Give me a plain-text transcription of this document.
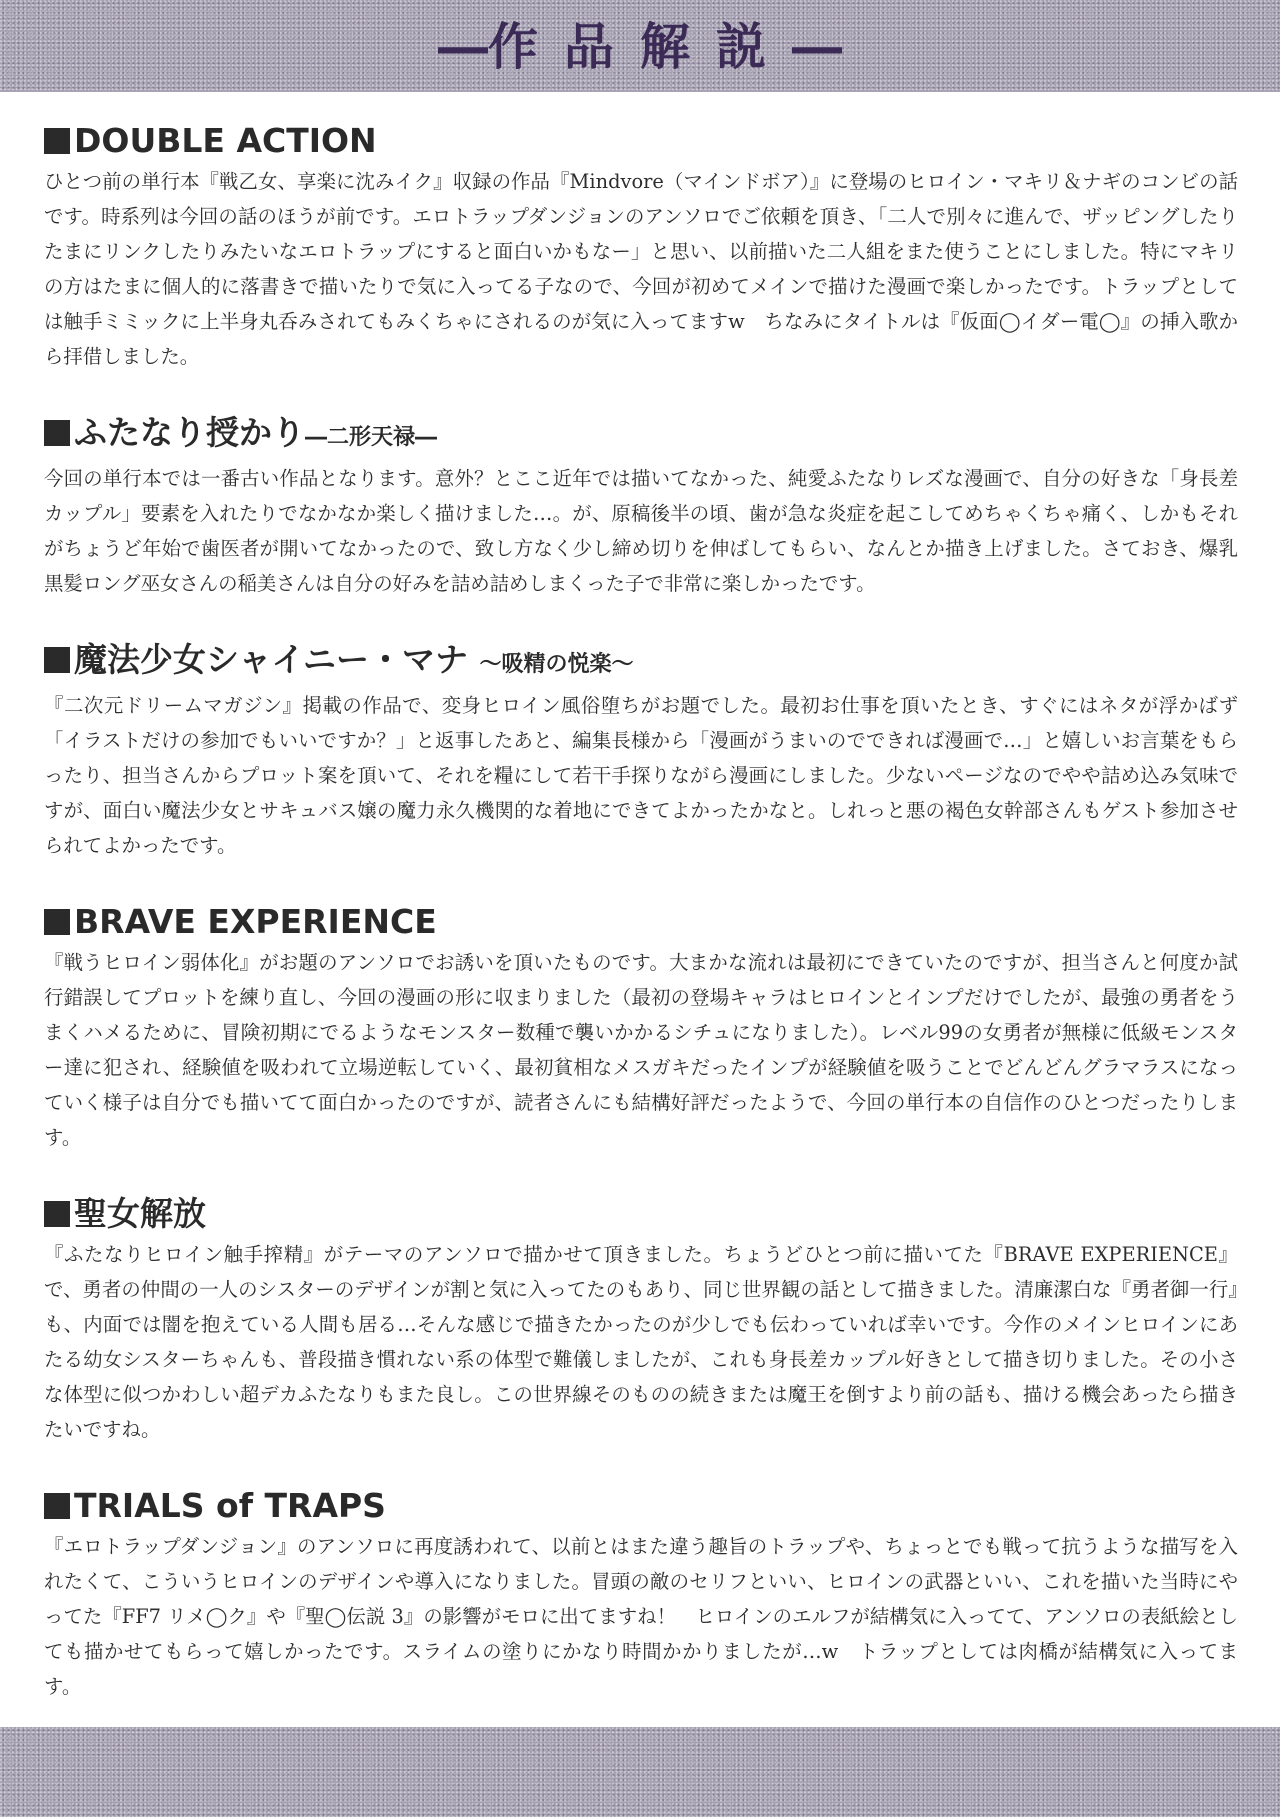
―作品解説―
DOUBLE ACTION

ひとつ前の単行本『戦乙女、享楽に沈みイク』収録の作品『Mindvore（マインドボア）』に登場のヒロイン・マキリ＆ナギのコンビの話です。時系列は今回の話のほうが前です。エロトラップダンジョンのアンソロでご依頼を頂き、「二人で別々に進んで、ザッピングしたりたまにリンクしたりみたいなエロトラップにすると面白いかもなー」と思い、以前描いた二人組をまた使うことにしました。特にマキリの方はたまに個人的に落書きで描いたりで気に入ってる子なので、今回が初めてメインで描けた漫画で楽しかったです。トラップとしては触手ミミックに上半身丸呑みされてもみくちゃにされるのが気に入ってますw　ちなみにタイトルは『仮面◯イダー電◯』の挿入歌から拝借しました。

ふたなり授かり―二形天禄―

今回の単行本では一番古い作品となります。意外？とここ近年では描いてなかった、純愛ふたなりレズな漫画で、自分の好きな「身長差カップル」要素を入れたりでなかなか楽しく描けました…。が、原稿後半の頃、歯が急な炎症を起こしてめちゃくちゃ痛く、しかもそれがちょうど年始で歯医者が開いてなかったので、致し方なく少し締め切りを伸ばしてもらい、なんとか描き上げました。さておき、爆乳黒髪ロング巫女さんの稲美さんは自分の好みを詰め詰めしまくった子で非常に楽しかったです。

魔法少女シャイニー・マナ ～吸精の悦楽～

『二次元ドリームマガジン』掲載の作品で、変身ヒロイン風俗堕ちがお題でした。最初お仕事を頂いたとき、すぐにはネタが浮かばず「イラストだけの参加でもいいですか？」と返事したあと、編集長様から「漫画がうまいのでできれば漫画で…」と嬉しいお言葉をもらったり、担当さんからプロット案を頂いて、それを糧にして若干手探りながら漫画にしました。少ないページなのでやや詰め込み気味ですが、面白い魔法少女とサキュバス嬢の魔力永久機関的な着地にできてよかったかなと。しれっと悪の褐色女幹部さんもゲスト参加させられてよかったです。

BRAVE EXPERIENCE

『戦うヒロイン弱体化』がお題のアンソロでお誘いを頂いたものです。大まかな流れは最初にできていたのですが、担当さんと何度か試行錯誤してプロットを練り直し、今回の漫画の形に収まりました（最初の登場キャラはヒロインとインプだけでしたが、最強の勇者をうまくハメるために、冒険初期にでるようなモンスター数種で襲いかかるシチュになりました）。レベル99の女勇者が無様に低級モンスター達に犯され、経験値を吸われて立場逆転していく、最初貧相なメスガキだったインプが経験値を吸うことでどんどんグラマラスになっていく様子は自分でも描いてて面白かったのですが、読者さんにも結構好評だったようで、今回の単行本の自信作のひとつだったりします。

聖女解放

『ふたなりヒロイン触手搾精』がテーマのアンソロで描かせて頂きました。ちょうどひとつ前に描いてた『BRAVE EXPERIENCE』で、勇者の仲間の一人のシスターのデザインが割と気に入ってたのもあり、同じ世界観の話として描きました。清廉潔白な『勇者御一行』も、内面では闇を抱えている人間も居る…そんな感じで描きたかったのが少しでも伝わっていれば幸いです。今作のメインヒロインにあたる幼女シスターちゃんも、普段描き慣れない系の体型で難儀しましたが、これも身長差カップル好きとして描き切りました。その小さな体型に似つかわしい超デカふたなりもまた良し。この世界線そのものの続きまたは魔王を倒すより前の話も、描ける機会あったら描きたいですね。

TRIALS of TRAPS

『エロトラップダンジョン』のアンソロに再度誘われて、以前とはまた違う趣旨のトラップや、ちょっとでも戦って抗うような描写を入れたくて、こういうヒロインのデザインや導入になりました。冒頭の敵のセリフといい、ヒロインの武器といい、これを描いた当時にやってた『FF7 リメ◯ク』や『聖◯伝説 3』の影響がモロに出てますね！　ヒロインのエルフが結構気に入ってて、アンソロの表紙絵としても描かせてもらって嬉しかったです。スライムの塗りにかなり時間かかりましたが…w　トラップとしては肉橋が結構気に入ってます。
